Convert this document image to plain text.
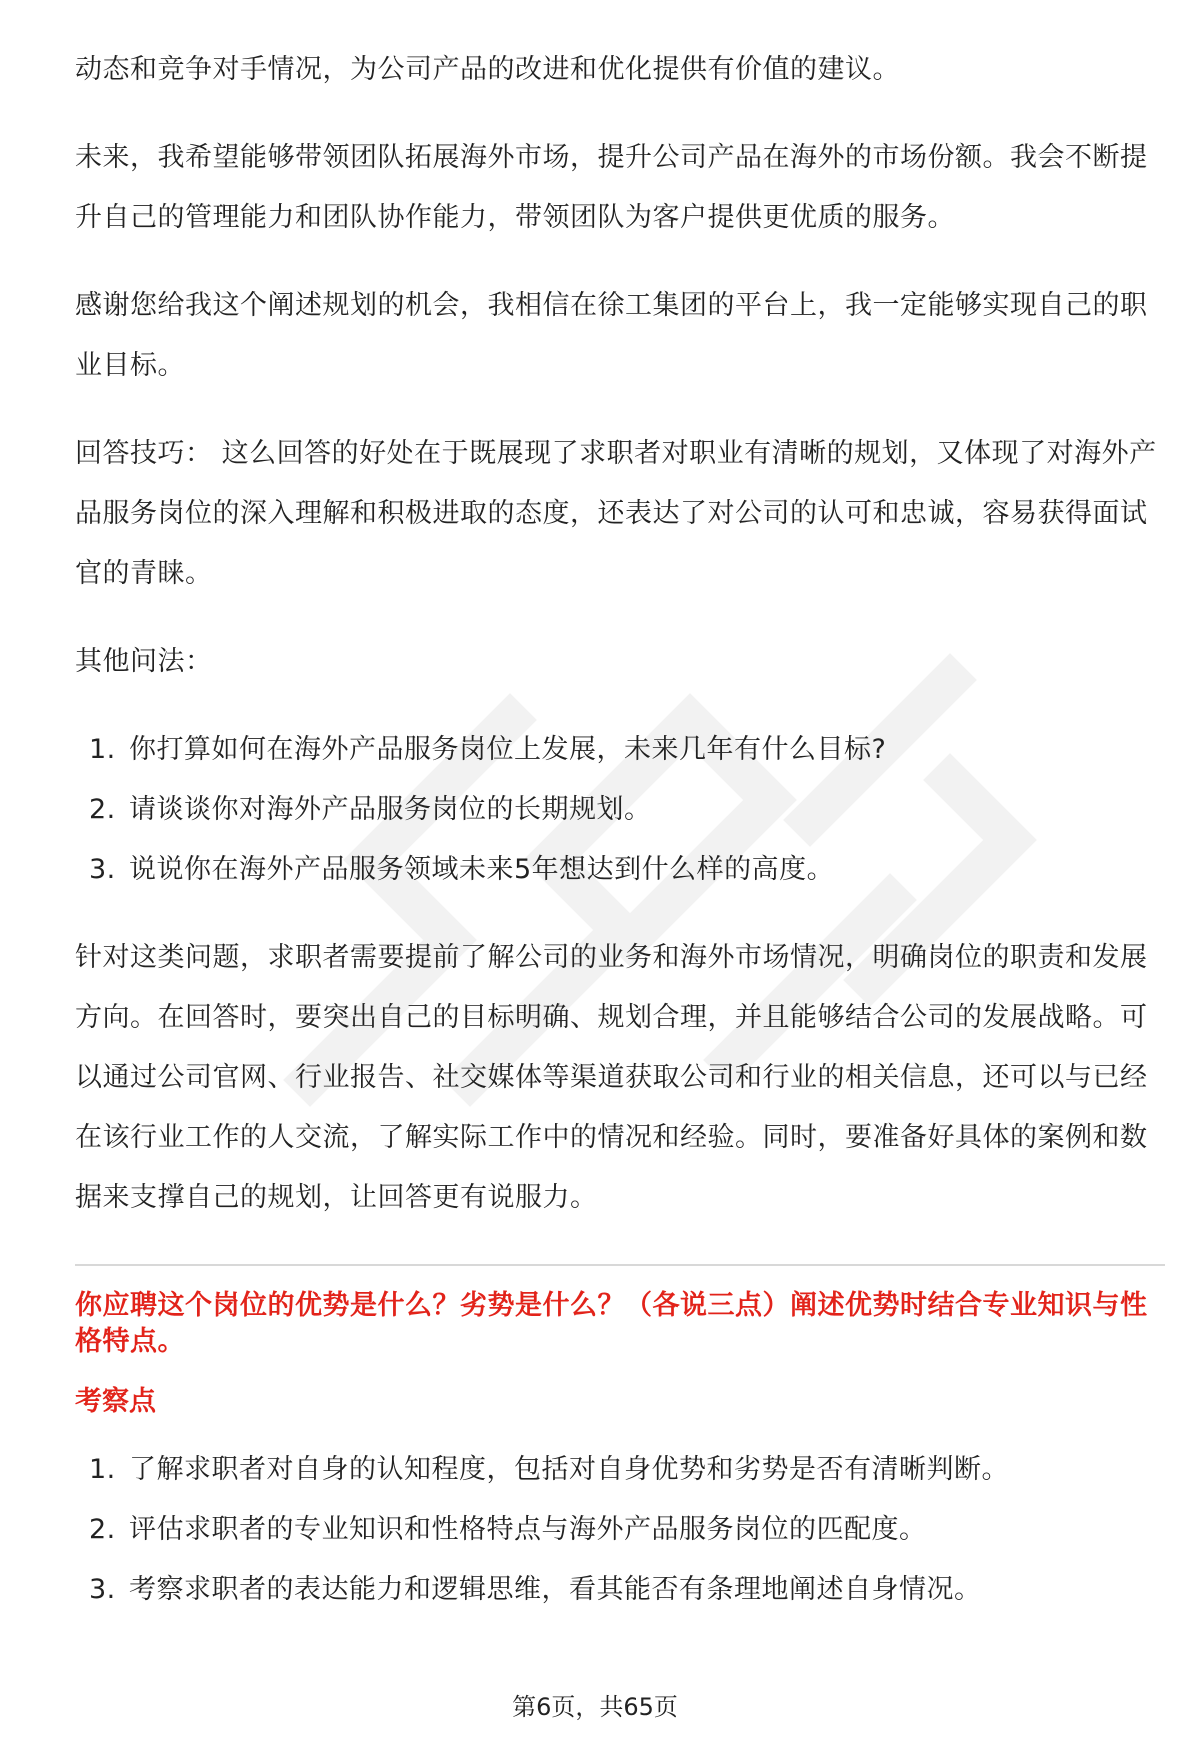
动态和竞争对手情况，为公司产品的改进和优化提供有价值的建议。

未来，我希望能够带领团队拓展海外市场，提升公司产品在海外的市场份额。我会不断提升自己的管理能力和团队协作能力，带领团队为客户提供更优质的服务。

感谢您给我这个阐述规划的机会，我相信在徐工集团的平台上，我一定能够实现自己的职业目标。

回答技巧： 这么回答的好处在于既展现了求职者对职业有清晰的规划，又体现了对海外产品服务岗位的深入理解和积极进取的态度，还表达了对公司的认可和忠诚，容易获得面试官的青睐。

其他问法：

1. 你打算如何在海外产品服务岗位上发展，未来几年有什么目标?
2. 请谈谈你对海外产品服务岗位的长期规划。
3. 说说你在海外产品服务领域未来5年想达到什么样的高度。

针对这类问题，求职者需要提前了解公司的业务和海外市场情况，明确岗位的职责和发展方向。在回答时，要突出自己的目标明确、规划合理，并且能够结合公司的发展战略。可以通过公司官网、行业报告、社交媒体等渠道获取公司和行业的相关信息，还可以与已经在该行业工作的人交流，了解实际工作中的情况和经验。同时，要准备好具体的案例和数据来支撑自己的规划，让回答更有说服力。

你应聘这个岗位的优势是什么？劣势是什么？（各说三点）阐述优势时结合专业知识与性格特点。

考察点

1. 了解求职者对自身的认知程度，包括对自身优势和劣势是否有清晰判断。
2. 评估求职者的专业知识和性格特点与海外产品服务岗位的匹配度。
3. 考察求职者的表达能力和逻辑思维，看其能否有条理地阐述自身情况。
第6页，共65页
